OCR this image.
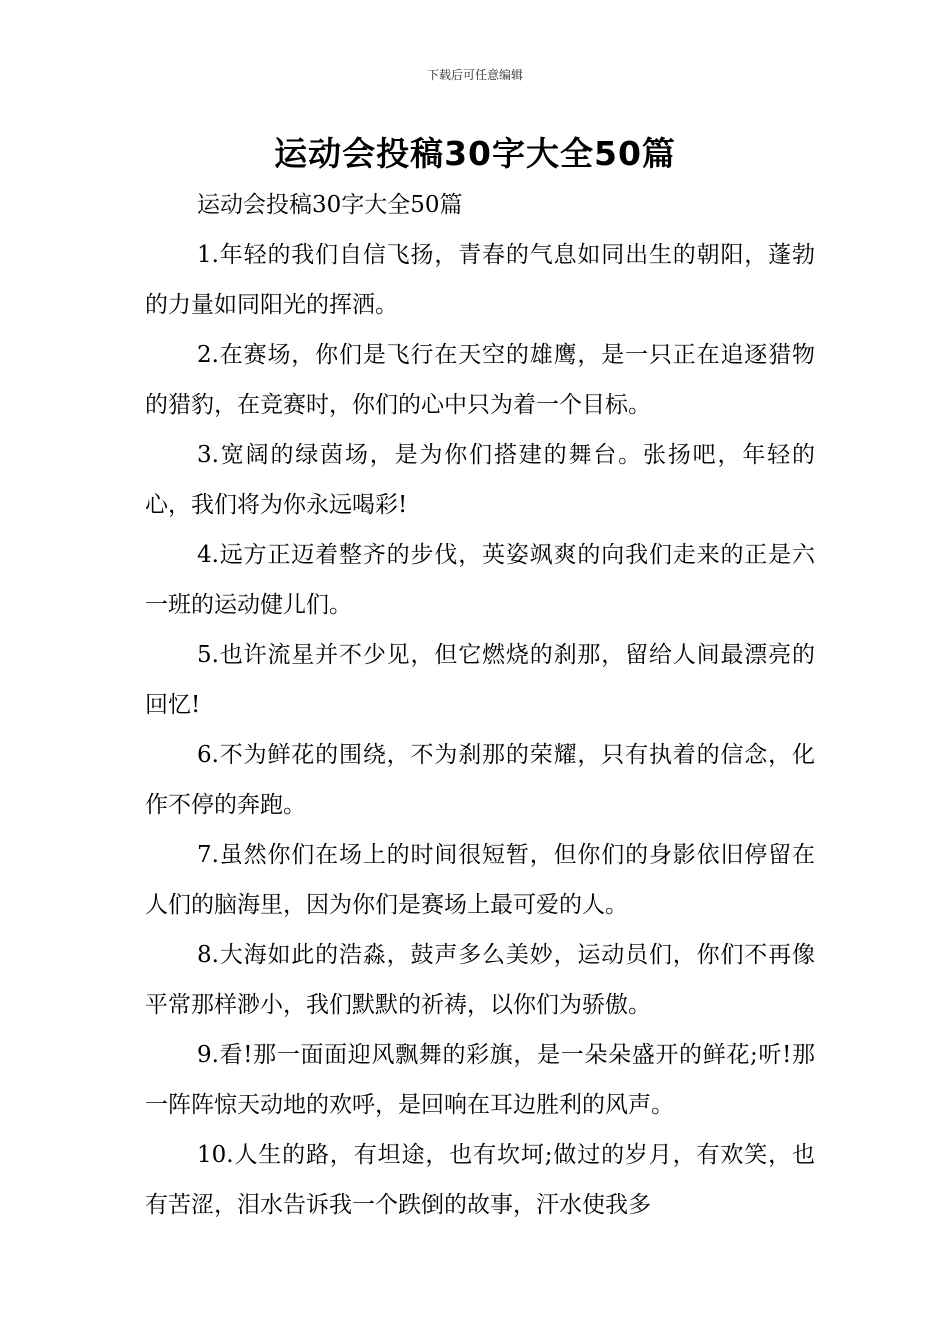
下载后可任意编辑
运动会投稿30字大全50篇

运动会投稿30字大全50篇

1.年轻的我们自信飞扬，青春的气息如同出生的朝阳，蓬勃的力量如同阳光的挥洒。

2.在赛场，你们是飞行在天空的雄鹰，是一只正在追逐猎物的猎豹，在竞赛时，你们的心中只为着一个目标。

3.宽阔的绿茵场，是为你们搭建的舞台。张扬吧，年轻的心，我们将为你永远喝彩!

4.远方正迈着整齐的步伐，英姿飒爽的向我们走来的正是六一班的运动健儿们。

5.也许流星并不少见，但它燃烧的刹那，留给人间最漂亮的回忆!

6.不为鲜花的围绕，不为刹那的荣耀，只有执着的信念，化作不停的奔跑。

7.虽然你们在场上的时间很短暂，但你们的身影依旧停留在人们的脑海里，因为你们是赛场上最可爱的人。

8.大海如此的浩淼，鼓声多么美妙，运动员们，你们不再像平常那样渺小，我们默默的祈祷，以你们为骄傲。

9.看!那一面面迎风飘舞的彩旗，是一朵朵盛开的鲜花;听!那一阵阵惊天动地的欢呼，是回响在耳边胜利的风声。

10.人生的路，有坦途，也有坎坷;做过的岁月，有欢笑，也有苦涩，泪水告诉我一个跌倒的故事，汗水使我多
